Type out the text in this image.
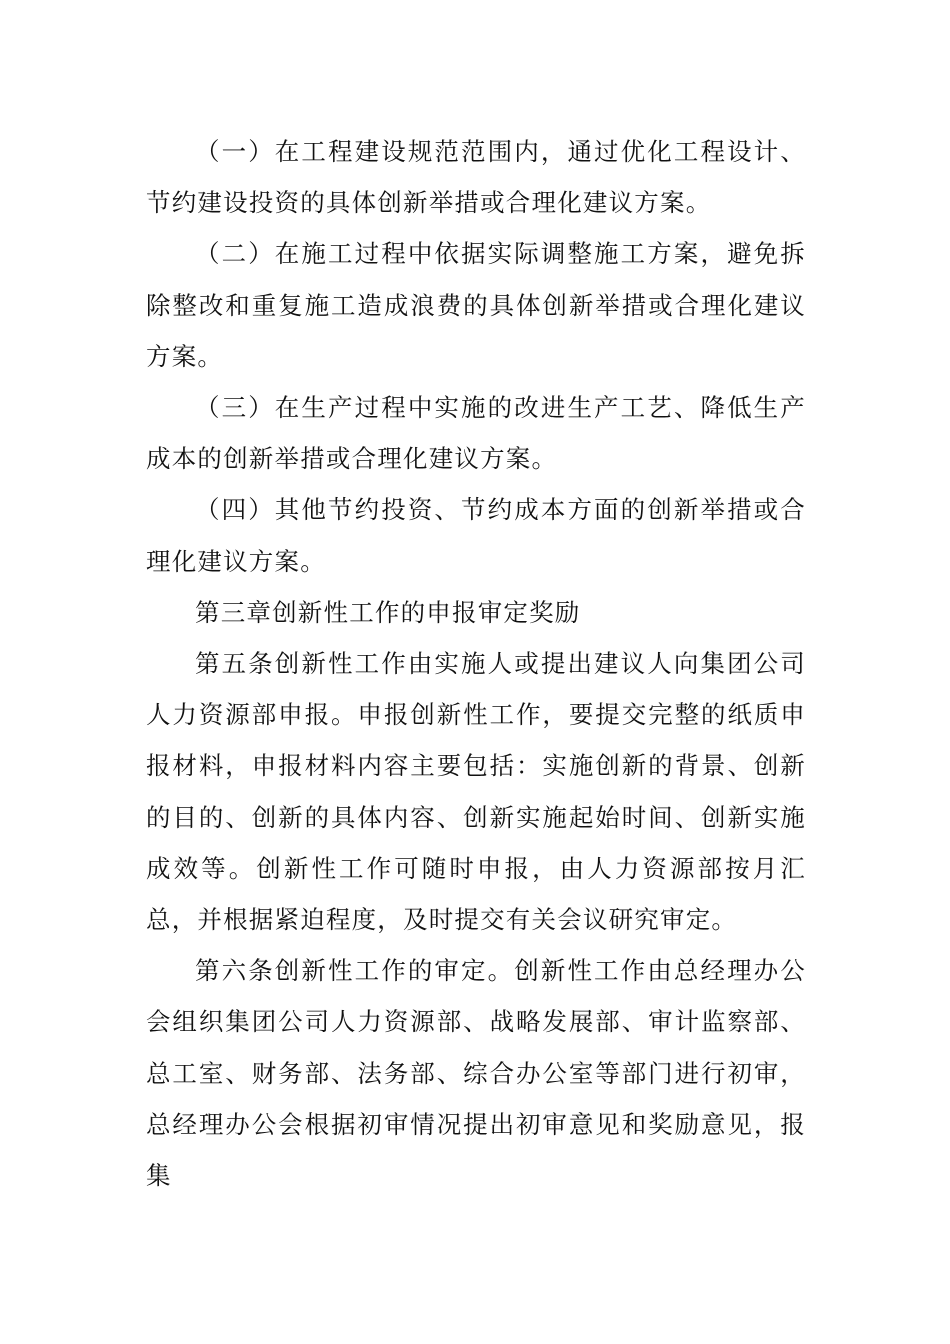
（一）在工程建设规范范围内，通过优化工程设计、节约建设投资的具体创新举措或合理化建议方案。

（二）在施工过程中依据实际调整施工方案，避免拆除整改和重复施工造成浪费的具体创新举措或合理化建议方案。

（三）在生产过程中实施的改进生产工艺、降低生产成本的创新举措或合理化建议方案。

（四）其他节约投资、节约成本方面的创新举措或合理化建议方案。

第三章创新性工作的申报审定奖励

第五条创新性工作由实施人或提出建议人向集团公司人力资源部申报。申报创新性工作，要提交完整的纸质申报材料，申报材料内容主要包括：实施创新的背景、创新的目的、创新的具体内容、创新实施起始时间、创新实施成效等。创新性工作可随时申报，由人力资源部按月汇总，并根据紧迫程度，及时提交有关会议研究审定。

第六条创新性工作的审定。创新性工作由总经理办公会组织集团公司人力资源部、战略发展部、审计监察部、总工室、财务部、法务部、综合办公室等部门进行初审，总经理办公会根据初审情况提出初审意见和奖励意见，报集
